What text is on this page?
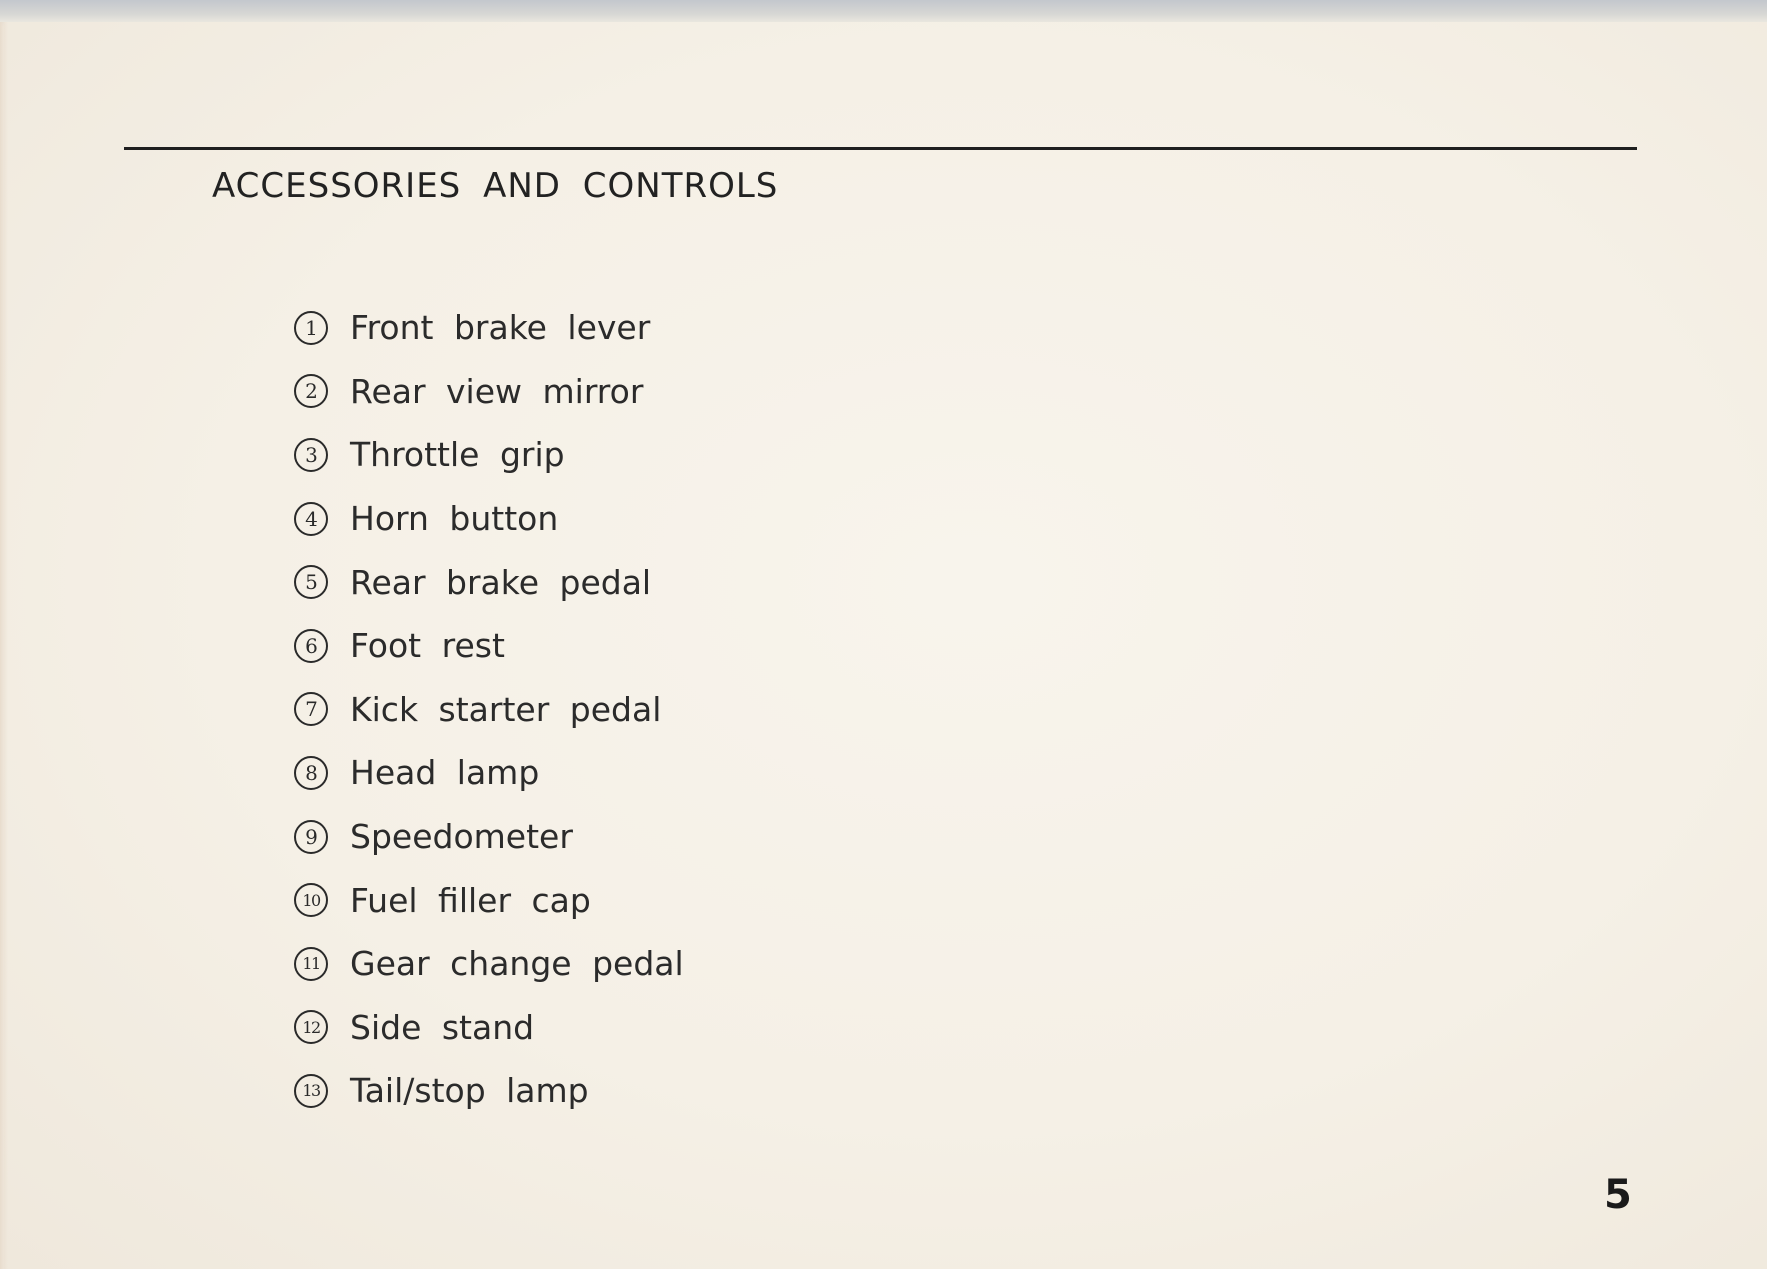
ACCESSORIES AND CONTROLS
1	Front brake lever
2	Rear view mirror
3	Throttle grip
4	Horn button
5	Rear brake pedal
6	Foot rest
7	Kick starter pedal
8	Head lamp
9	Speedometer
10 Fuel filler cap
11 Gear change pedal
12 Side stand
13 Tail/stop lamp
5
